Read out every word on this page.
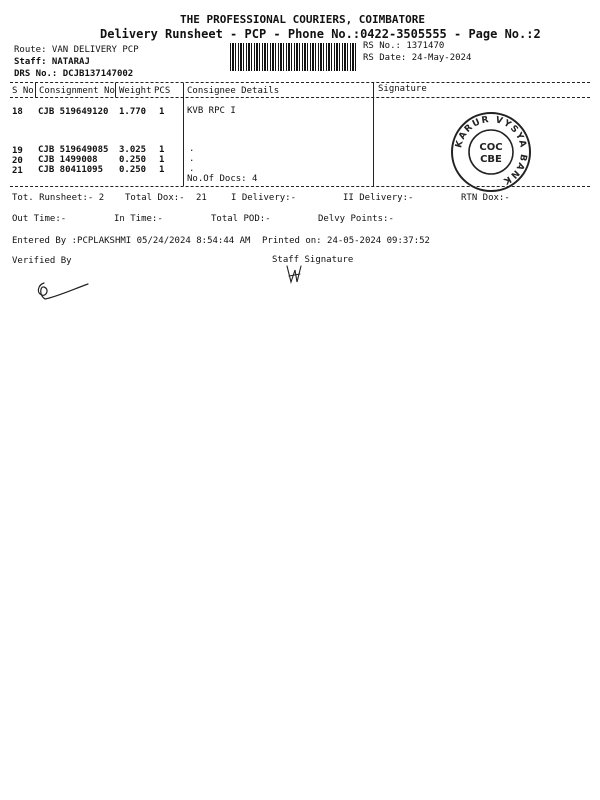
THE PROFESSIONAL COURIERS, COIMBATORE
Delivery Runsheet - PCP - Phone No.:0422-3505555 - Page No.:2
Route: VAN DELIVERY PCP
Staff: NATARAJ
DRS No.: DCJB137147002
RS No.: 1371470
RS Date: 24-May-2024
S No Consignment No Weight PCS Consignee Details	Signature
18 CJB 519649120 1.770 1	KVB RPC I
19 CJB 519649085 3.025 1	.
20 CJB 1499008 0.250 1	.
21 CJB 80411095 0.250 1	.
No.Of Docs: 4
KARUR VYSYA BANK
COC
CBE
Tot. Runsheet:- 2 Total Dox:- 21	I Delivery:-	II Delivery:-	RTN Dox:-
Out Time:-	In Time:-	Total POD:-	Delvy Points:-
Entered By :PCPLAKSHMI 05/24/2024 8:54:44 AM Printed on: 24-05-2024 09:37:52
Verified By	Staff Signature
